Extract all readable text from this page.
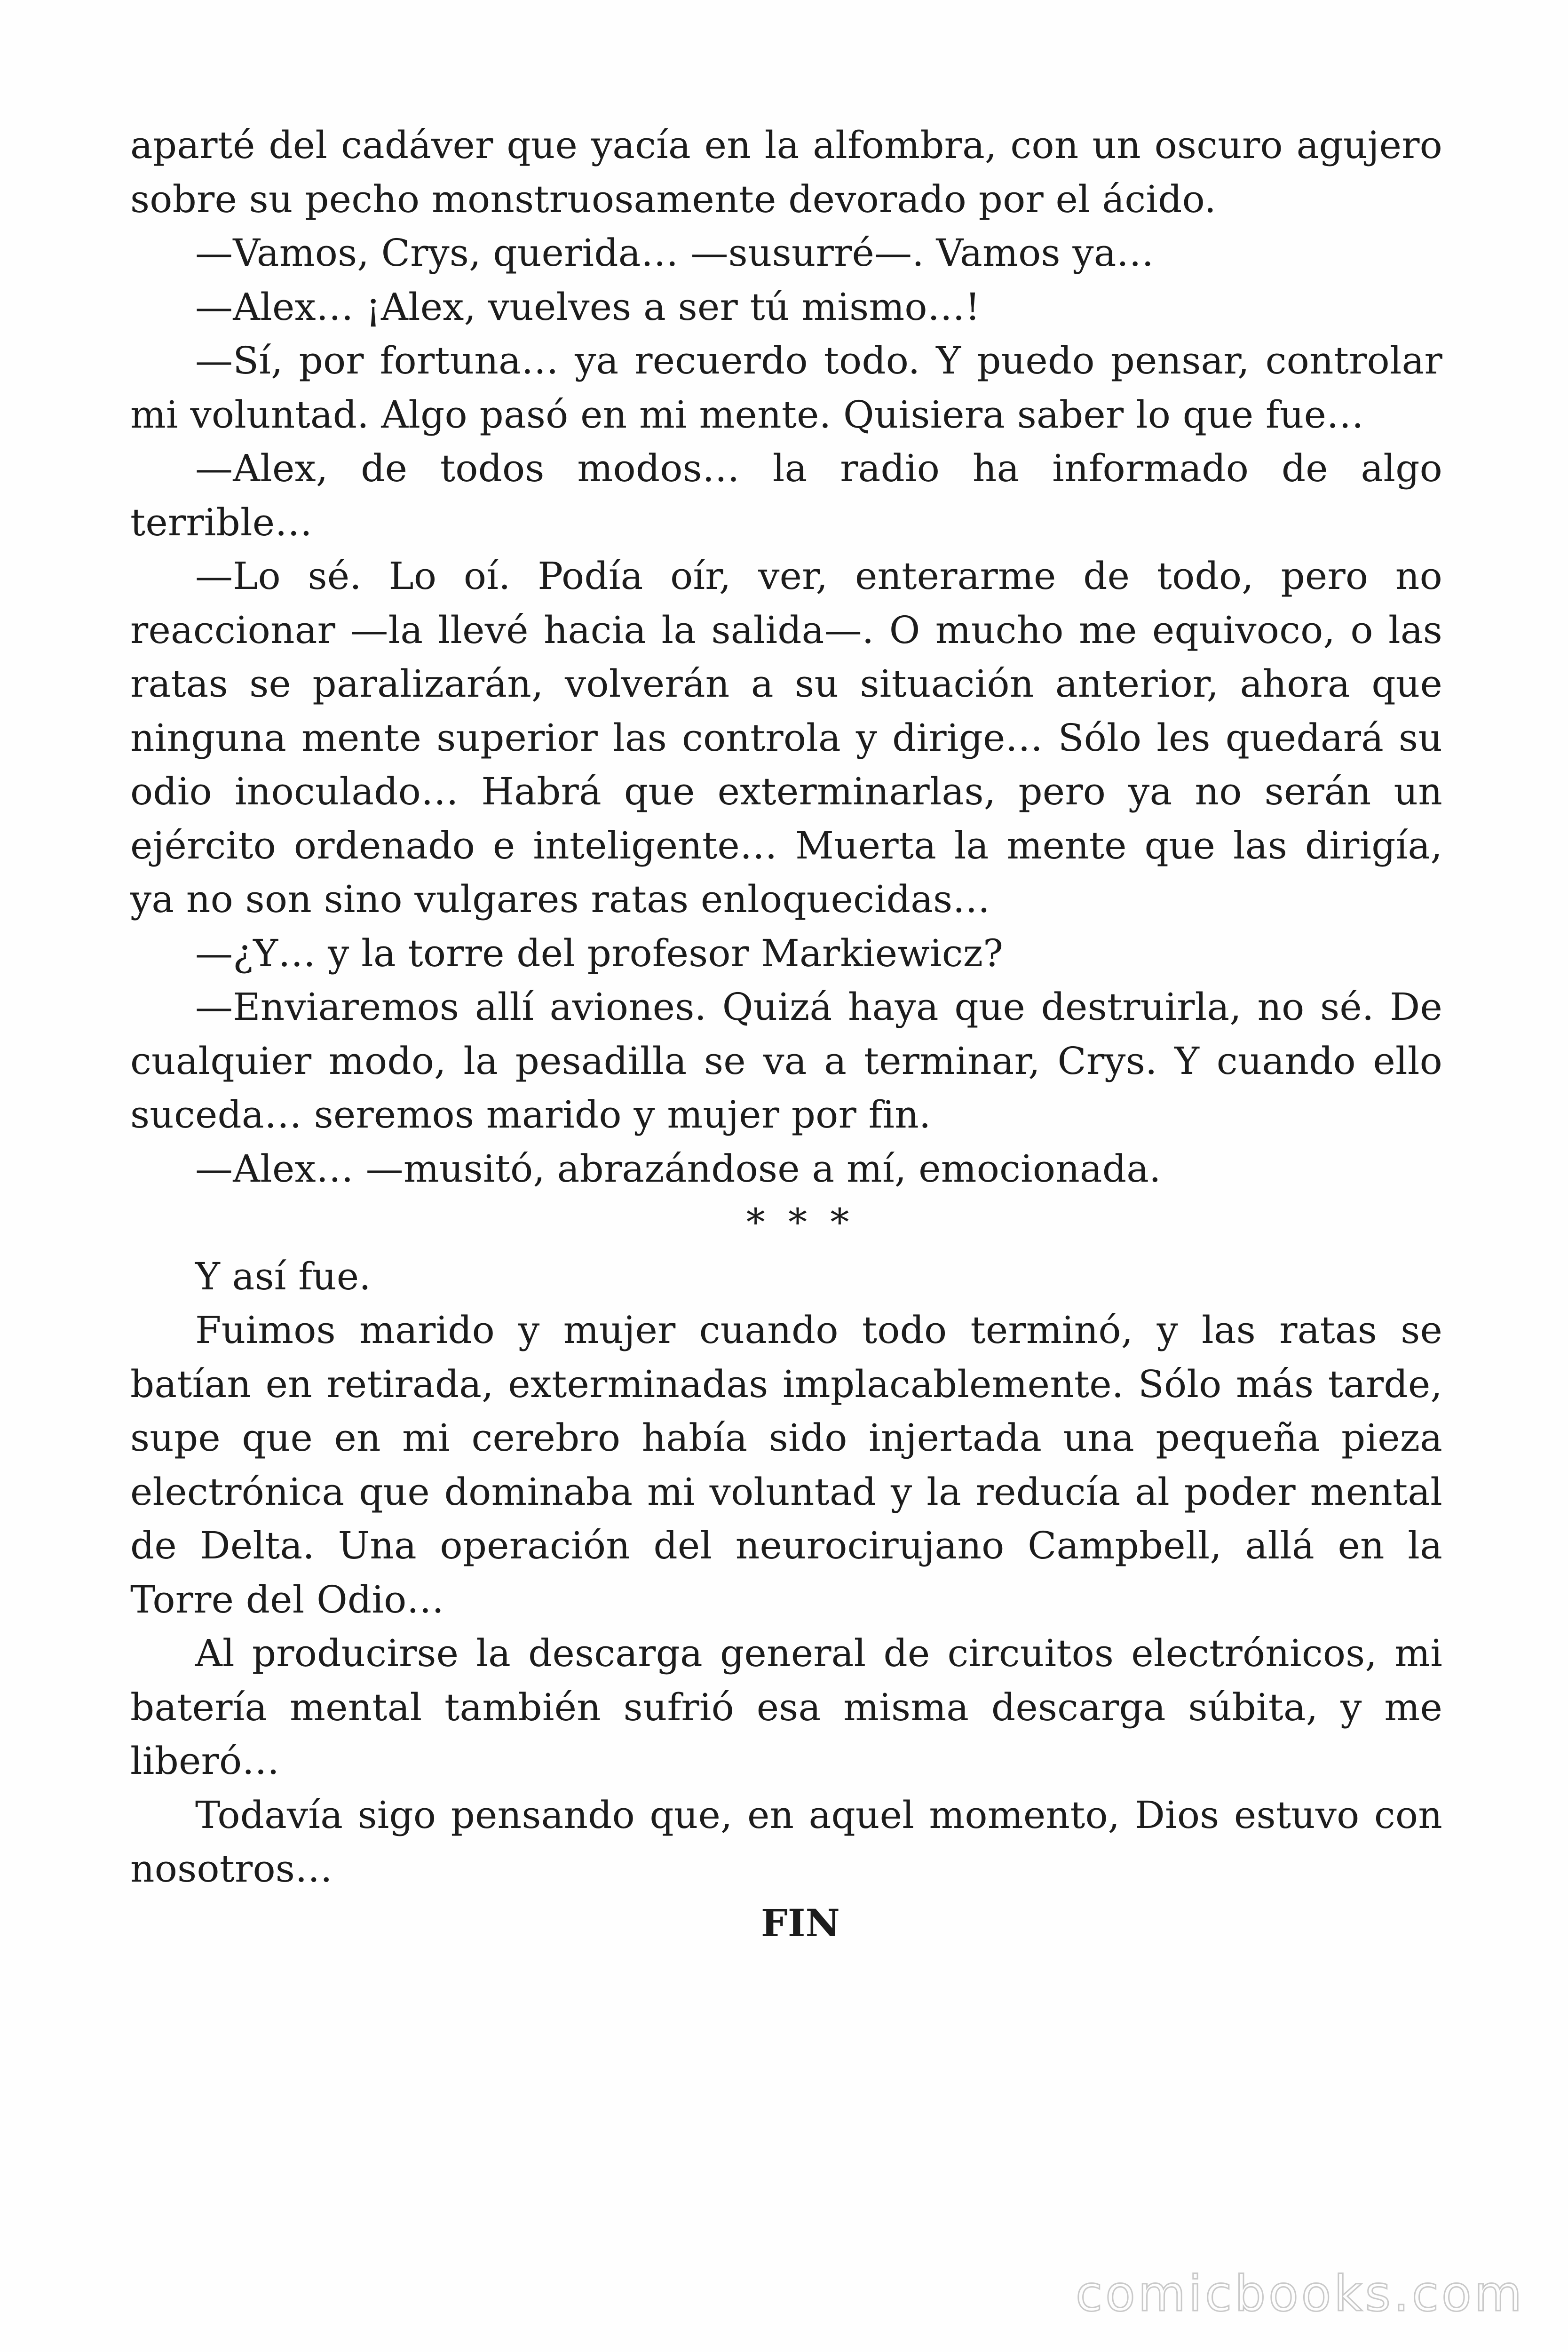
aparté del cadáver que yacía en la alfombra, con un oscuro agujero sobre su pecho monstruosamente devorado por el ácido.

—Vamos, Crys, querida… —susurré—. Vamos ya…

—Alex… ¡Alex, vuelves a ser tú mismo…!

—Sí, por fortuna… ya recuerdo todo. Y puedo pensar, controlar mi voluntad. Algo pasó en mi mente. Quisiera saber lo que fue…

—Alex, de todos modos… la radio ha informado de algo terrible…

—Lo sé. Lo oí. Podía oír, ver, enterarme de todo, pero no reaccionar —la llevé hacia la salida—. O mucho me equivoco, o las ratas se paralizarán, volverán a su situación anterior, ahora que ninguna mente superior las controla y dirige… Sólo les quedará su odio inoculado… Habrá que exterminarlas, pero ya no serán un ejército ordenado e inteligente… Muerta la mente que las dirigía, ya no son sino vulgares ratas enloquecidas…

—¿Y… y la torre del profesor Markiewicz?

—Enviaremos allí aviones. Quizá haya que destruirla, no sé. De cualquier modo, la pesadilla se va a terminar, Crys. Y cuando ello suceda… seremos marido y mujer por fin.

—Alex… —musitó, abrazándose a mí, emocionada.

* * *

Y así fue.

Fuimos marido y mujer cuando todo terminó, y las ratas se batían en retirada, exterminadas implacablemente. Sólo más tarde, supe que en mi cerebro había sido injertada una pequeña pieza electrónica que dominaba mi voluntad y la reducía al poder mental de Delta. Una operación del neurocirujano Campbell, allá en la Torre del Odio…

Al producirse la descarga general de circuitos electrónicos, mi batería mental también sufrió esa misma descarga súbita, y me liberó…

Todavía sigo pensando que, en aquel momento, Dios estuvo con nosotros…

FIN

comicbooks.com
